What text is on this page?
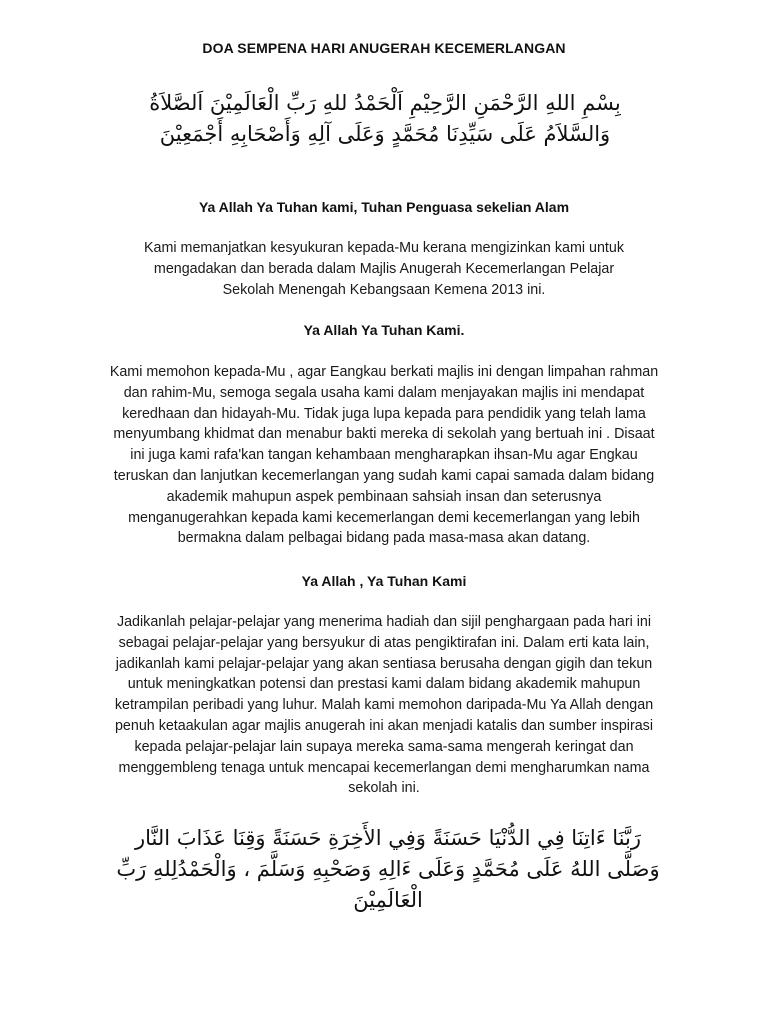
DOA SEMPENA HARI ANUGERAH KECEMERLANGAN
بِسْمِ اللهِ الرَّحْمَنِ الرَّحِيْمِ اَلْحَمْدُ للهِ رَبِّ الْعَالَمِيْنَ اَلصَّلاَةُ وَالسَّلاَمُ عَلَى سَيِّدِنَا مُحَمَّدٍ وَعَلَى آلِهِ وَأَصْحَابِهِ أَجْمَعِيْنَ
Ya Allah Ya Tuhan kami, Tuhan Penguasa sekelian Alam
Kami memanjatkan kesyukuran kepada-Mu kerana mengizinkan kami untuk mengadakan dan berada dalam Majlis Anugerah Kecemerlangan Pelajar Sekolah Menengah Kebangsaan Kemena 2013 ini.
Ya Allah Ya Tuhan Kami.
Kami memohon kepada-Mu , agar Eangkau berkati majlis ini dengan limpahan rahman dan rahim-Mu, semoga segala usaha kami dalam menjayakan majlis ini mendapat keredhaan dan hidayah-Mu. Tidak juga lupa kepada para pendidik yang telah lama menyumbang khidmat dan menabur bakti mereka di sekolah yang bertuah ini . Disaat ini juga kami rafa'kan tangan kehambaan mengharapkan ihsan-Mu agar Engkau teruskan dan lanjutkan kecemerlangan yang sudah kami capai samada dalam bidang akademik mahupun aspek pembinaan sahsiah insan dan seterusnya menganugerahkan kepada kami kecemerlangan demi kecemerlangan yang lebih bermakna dalam pelbagai bidang pada masa-masa akan datang.
Ya Allah , Ya Tuhan Kami
Jadikanlah pelajar-pelajar yang menerima hadiah dan sijil penghargaan pada hari ini sebagai pelajar-pelajar yang bersyukur di atas pengiktirafan ini. Dalam erti kata lain, jadikanlah kami pelajar-pelajar yang akan sentiasa berusaha dengan gigih dan tekun untuk meningkatkan potensi dan prestasi kami dalam bidang akademik mahupun ketrampilan peribadi yang luhur. Malah kami memohon daripada-Mu Ya Allah dengan penuh ketaakulan agar majlis anugerah ini akan menjadi katalis dan sumber inspirasi kepada pelajar-pelajar lain supaya mereka sama-sama mengerah keringat dan menggembleng tenaga untuk mencapai kecemerlangan demi mengharumkan nama sekolah ini.
رَبَّنَا ءَاتِنَا فِي الدُّنْيَا حَسَنَةً وَفِي الأَخِرَةِ حَسَنَةً وَقِنَا عَذَابَ النَّار وَصَلَّى اللهُ عَلَى مُحَمَّدٍ وَعَلَى ءَالِهِ وَصَحْبِهِ وَسَلَّمَ ، وَالْحَمْدُلِلهِ رَبِّ الْعَالَمِيْنَ
